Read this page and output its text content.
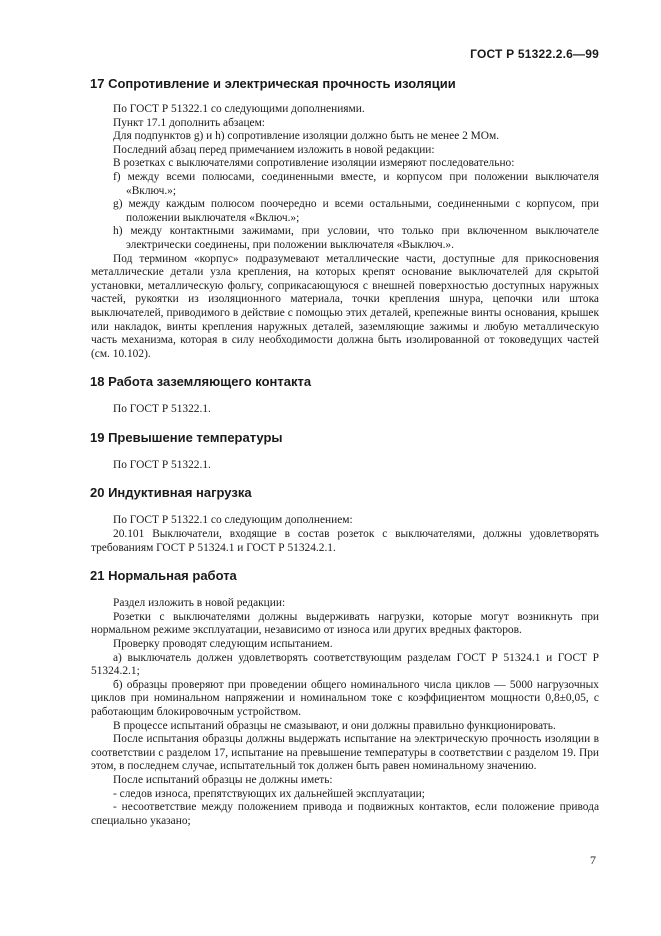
ГОСТ Р 51322.2.6—99
17 Сопротивление и электрическая прочность изоляции

По ГОСТ Р 51322.1 со следующими дополнениями.

Пункт 17.1 дополнить абзацем:

Для подпунктов g) и h) сопротивление изоляции должно быть не менее 2 МОм.

Последний абзац перед примечанием изложить в новой редакции:

В розетках с выключателями сопротивление изоляции измеряют последовательно:

f) между всеми полюсами, соединенными вместе, и корпусом при положении выключателя «Включ.»;

g) между каждым полюсом поочередно и всеми остальными, соединенными с корпусом, при положении выключателя «Включ.»;

h) между контактными зажимами, при условии, что только при включенном выключателе электрически соединены, при положении выключателя «Выключ.».

Под термином «корпус» подразумевают металлические части, доступные для прикосновения металлические детали узла крепления, на которых крепят основание выключателей для скрытой установки, металлическую фольгу, соприкасающуюся с внешней поверхностью доступных наружных частей, рукоятки из изоляционного материала, точки крепления шнура, цепочки или штока выключателей, приводимого в действие с помощью этих деталей, крепежные винты основания, крышек или накладок, винты крепления наружных деталей, заземляющие зажимы и любую металлическую часть механизма, которая в силу необходимости должна быть изолированной от токоведущих частей (см. 10.102).

18 Работа заземляющего контакта

По ГОСТ Р 51322.1.

19 Превышение температуры

По ГОСТ Р 51322.1.

20 Индуктивная нагрузка

По ГОСТ Р 51322.1 со следующим дополнением:

20.101 Выключатели, входящие в состав розеток с выключателями, должны удовлетворять требованиям ГОСТ Р 51324.1 и ГОСТ Р 51324.2.1.

21 Нормальная работа

Раздел изложить в новой редакции:

Розетки с выключателями должны выдерживать нагрузки, которые могут возникнуть при нормальном режиме эксплуатации, независимо от износа или других вредных факторов.

Проверку проводят следующим испытанием.

а) выключатель должен удовлетворять соответствующим разделам ГОСТ Р 51324.1 и ГОСТ Р 51324.2.1;

б) образцы проверяют при проведении общего номинального числа циклов — 5000 нагрузочных циклов при номинальном напряжении и номинальном токе с коэффициентом мощности 0,8±0,05, с работающим блокировочным устройством.

В процессе испытаний образцы не смазывают, и они должны правильно функционировать.

После испытания образцы должны выдержать испытание на электрическую прочность изоляции в соответствии с разделом 17, испытание на превышение температуры в соответствии с разделом 19. При этом, в последнем случае, испытательный ток должен быть равен номинальному значению.

После испытаний образцы не должны иметь:

- следов износа, препятствующих их дальнейшей эксплуатации;

- несоответствие между положением привода и подвижных контактов, если положение привода специально указано;

7
